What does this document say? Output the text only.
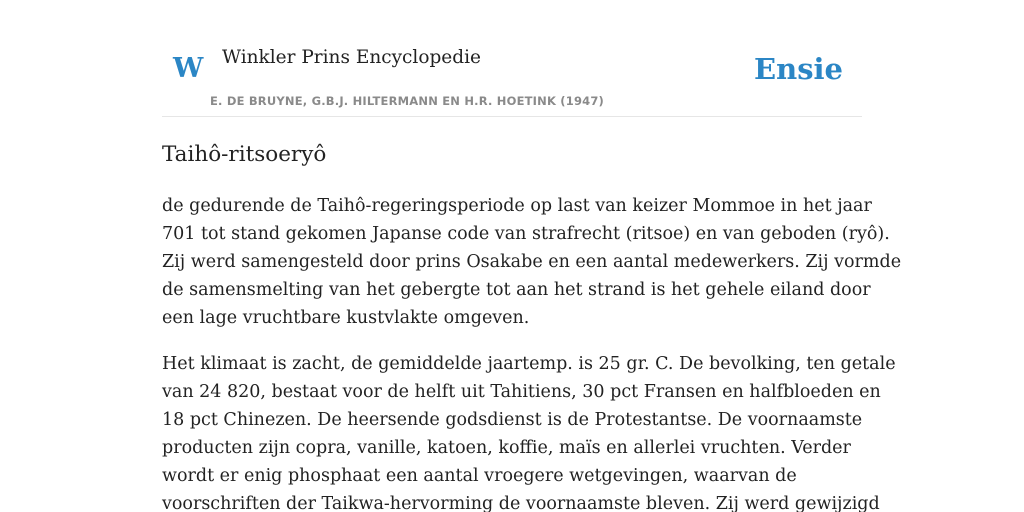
W Winkler Prins Encyclopedie
E. DE BRUYNE, G.B.J. HILTERMANN EN H.R. HOETINK (1947)
Ensie
Taihô-ritsoeryô

de gedurende de Taihô-regeringsperiode op last van keizer Mommoe in het jaar
701 tot stand gekomen Japanse code van strafrecht (ritsoe) en van geboden (ryô).
Zij werd samengesteld door prins Osakabe en een aantal medewerkers. Zij vormde
de samensmelting van het gebergte tot aan het strand is het gehele eiland door
een lage vruchtbare kustvlakte omgeven.

Het klimaat is zacht, de gemiddelde jaartemp. is 25 gr. C. De bevolking, ten getale
van 24 820, bestaat voor de helft uit Tahitiens, 30 pct Fransen en halfbloeden en
18 pct Chinezen. De heersende godsdienst is de Protestantse. De voornaamste
producten zijn copra, vanille, katoen, koffie, maïs en allerlei vruchten. Verder
wordt er enig phosphaat een aantal vroegere wetgevingen, waarvan de
voorschriften der Taikwa-hervorming de voornaamste bleven. Zij werd gewijzigd
